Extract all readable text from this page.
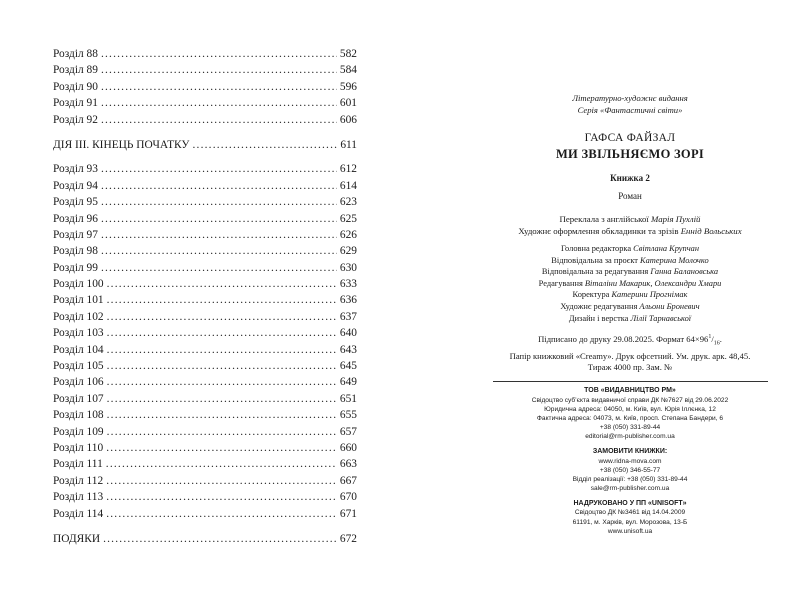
Розділ 88 .....	582
Розділ 89 .....	584
Розділ 90 .....	596
Розділ 91 .....	601
Розділ 92 .....	606
ДІЯ ІІІ. КІНЕЦЬ ПОЧАТКУ .....	611
Розділ 93 .....	612
Розділ 94 .....	614
Розділ 95 .....	623
Розділ 96 .....	625
Розділ 97 .....	626
Розділ 98 .....	629
Розділ 99 .....	630
Розділ 100 .....	633
Розділ 101 .....	636
Розділ 102 .....	637
Розділ 103 .....	640
Розділ 104 .....	643
Розділ 105 .....	645
Розділ 106 .....	649
Розділ 107 .....	651
Розділ 108 .....	655
Розділ 109 .....	657
Розділ 110 .....	660
Розділ 111 .....	663
Розділ 112 .....	667
Розділ 113 .....	670
Розділ 114 .....	671
ПОДЯКИ .....	672
Літературно-художнє видання
Серія «Фантастичні світи»
ГАФСА ФАЙЗАЛ
МИ ЗВІЛЬНЯЄМО ЗОРІ
Книжка 2
Роман
Переклала з англійської Марія Пухлій
Художнє оформлення обкладинки та зрізів Еннід Вольських
Головна редакторка Світлана Крупчан
Відповідальна за проєкт Катерина Молочко
Відповідальна за редагування Ганна Балановська
Редагування Віталіни Макарик, Олександри Хмари
Коректура Катерини Прогнімак
Художнє редагування Альони Броневич
Дизайн і верстка Лілії Тарнавської
Підписано до друку 29.08.2025. Формат $64\times 96^1/_{16}$.
Папір книжковий «Creamy». Друк офсетний. Ум. друк. арк. 48,45.
Тираж 4000 пр. Зам. №
ТОВ «ВИДАВНИЦТВО РМ»
Свідоцтво суб’єкта видавничої справи ДК №7627 від 29.06.2022
Юридична адреса: 04050, м. Київ, вул. Юрія Іллєнка, 12
Фактична адреса: 04073, м. Київ, просп. Степана Бандери, 6
+38 (050) 331-89-44
editorial@rm-publisher.com.ua
ЗАМОВИТИ КНИЖКИ:
www.ridna-mova.com
+38 (050) 346-55-77
Відділ реалізації: +38 (050) 331-89-44
sale@rm-publisher.com.ua
НАДРУКОВАНО У ПП «UNISOFT»
Свідоцтво ДК №3461 від 14.04.2009
61191, м. Харків, вул. Морозова, 13-Б
www.unisoft.ua
